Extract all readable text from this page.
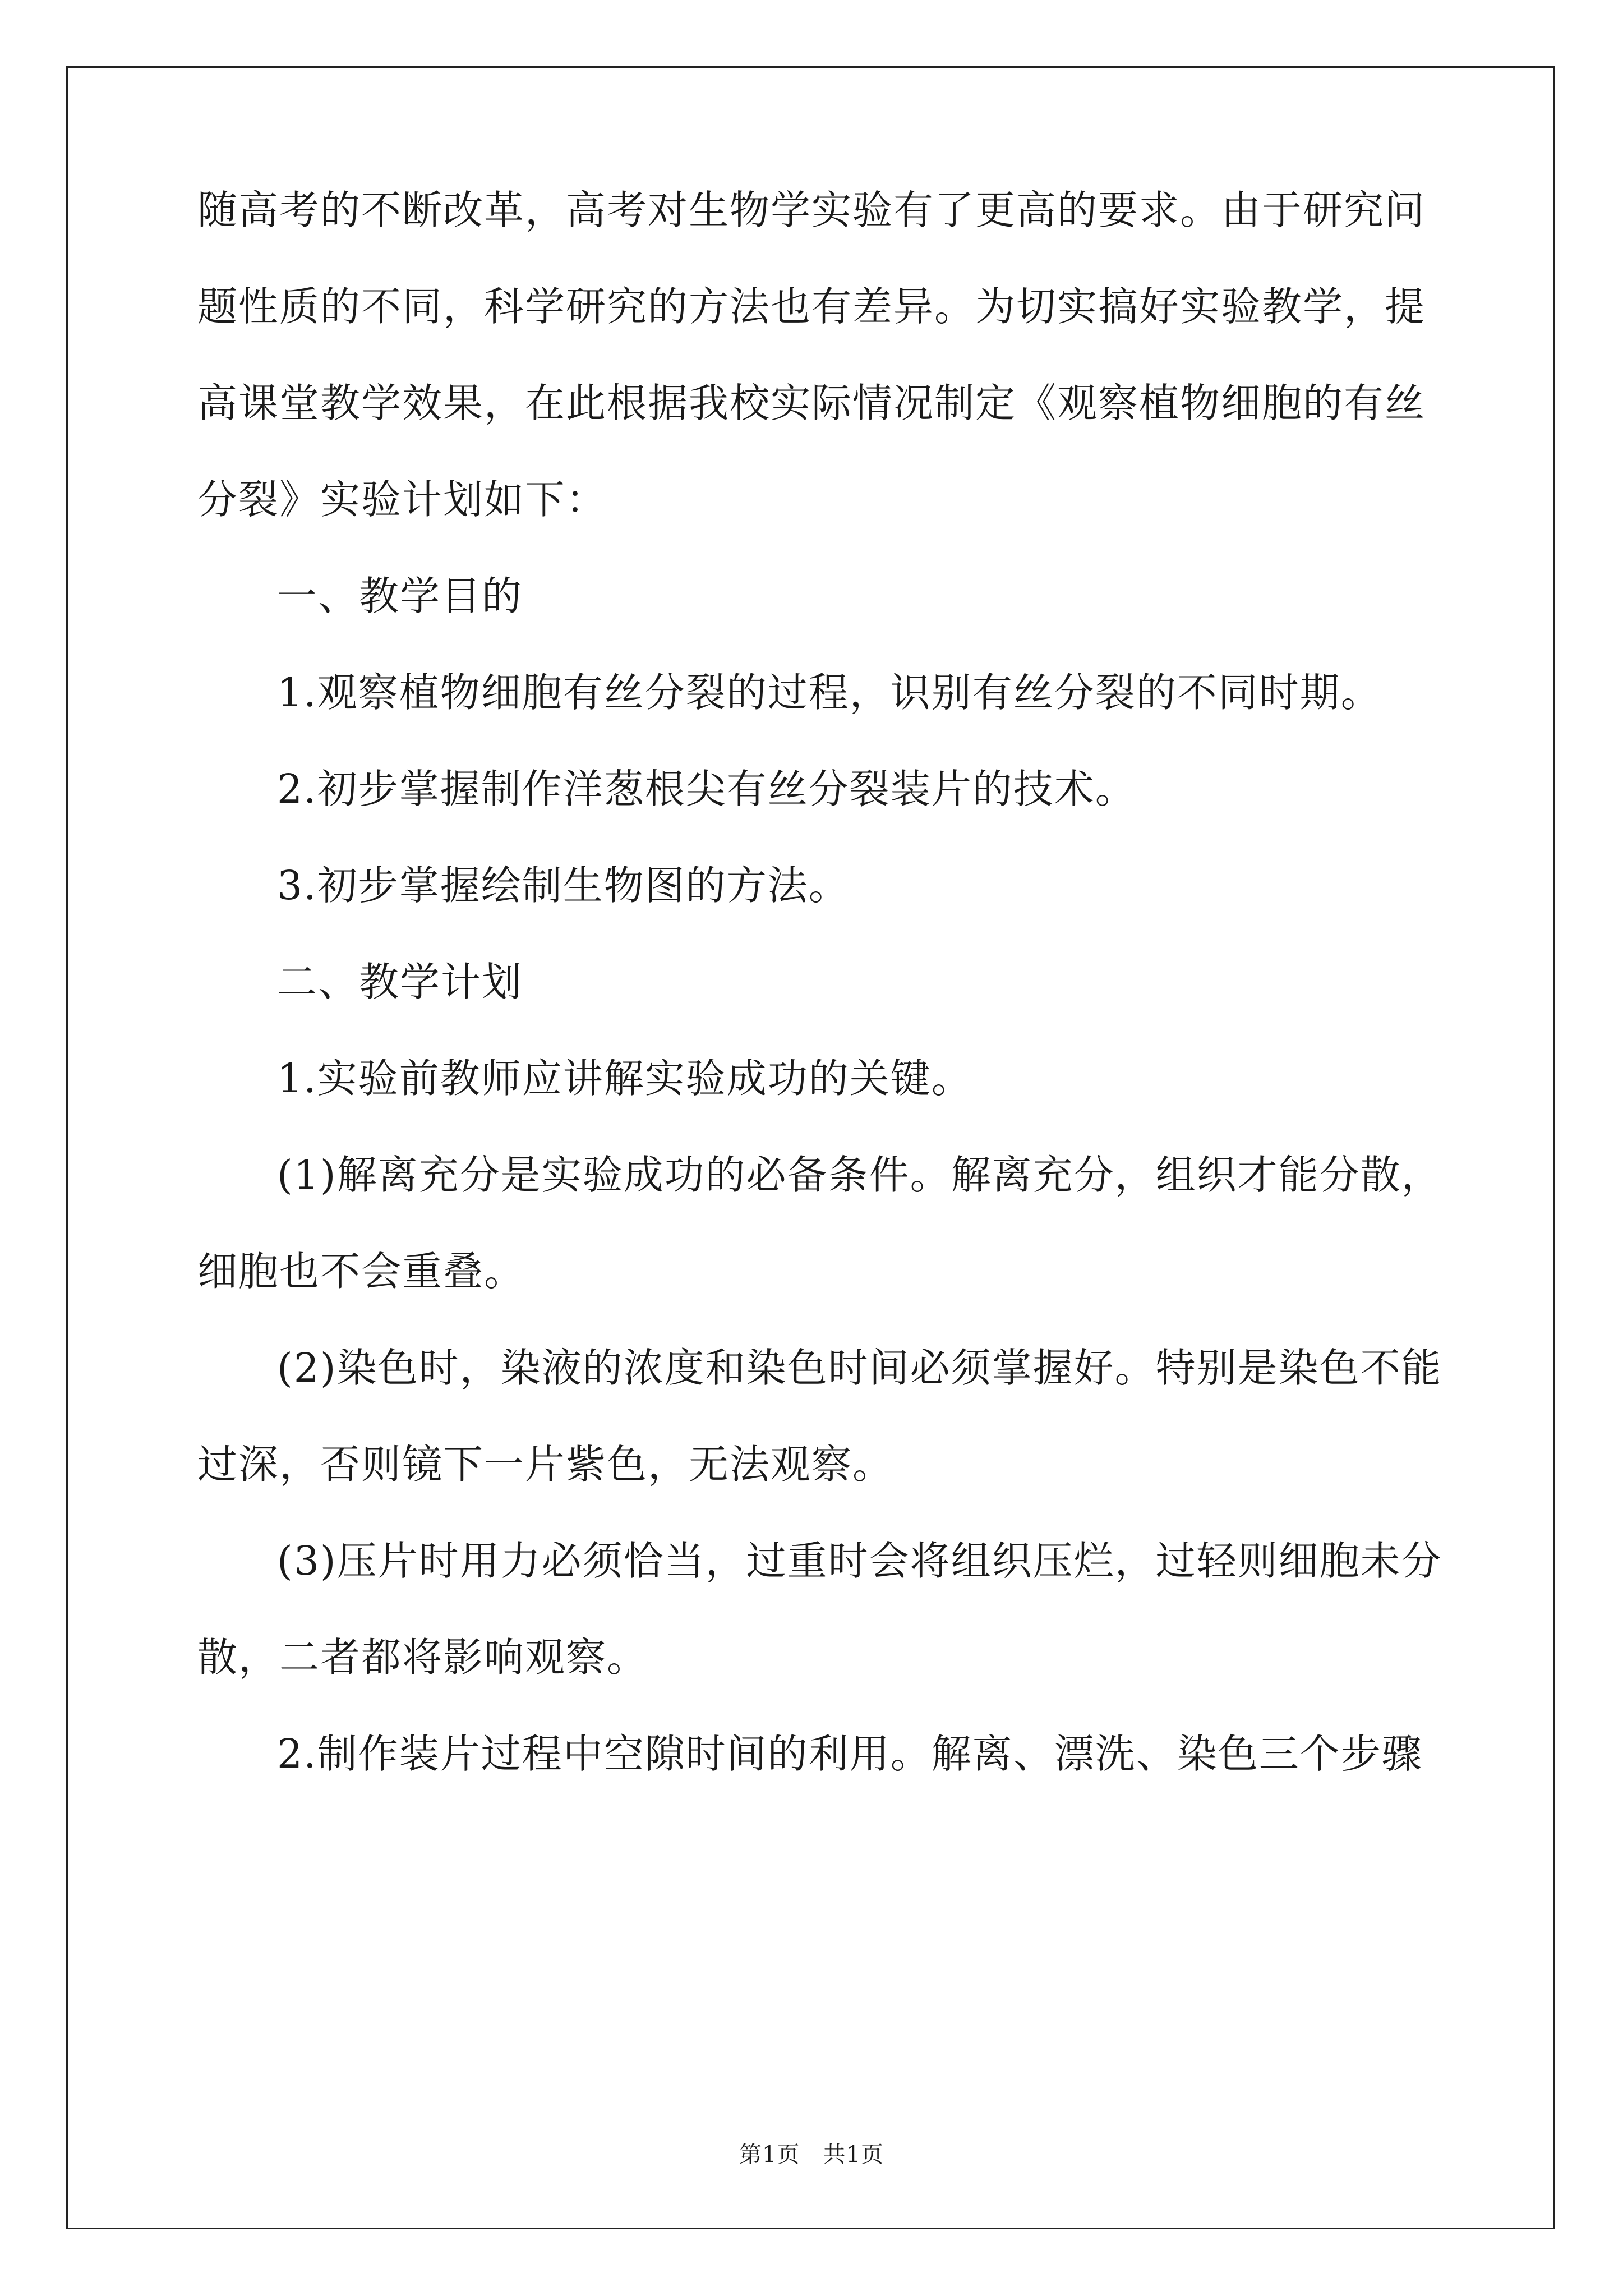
随高考的不断改革，高考对生物学实验有了更高的要求。由于研究问
题性质的不同，科学研究的方法也有差异。为切实搞好实验教学，提
高课堂教学效果，在此根据我校实际情况制定《观察植物细胞的有丝
分裂》实验计划如下：
一、教学目的
1.观察植物细胞有丝分裂的过程，识别有丝分裂的不同时期。
2.初步掌握制作洋葱根尖有丝分裂装片的技术。
3.初步掌握绘制生物图的方法。
二、教学计划
1.实验前教师应讲解实验成功的关键。
(1)解离充分是实验成功的必备条件。解离充分，组织才能分散，
细胞也不会重叠。
(2)染色时，染液的浓度和染色时间必须掌握好。特别是染色不能
过深，否则镜下一片紫色，无法观察。
(3)压片时用力必须恰当，过重时会将组织压烂，过轻则细胞未分
散，二者都将影响观察。
2.制作装片过程中空隙时间的利用。解离、漂洗、染色三个步骤
第1页　共1页
